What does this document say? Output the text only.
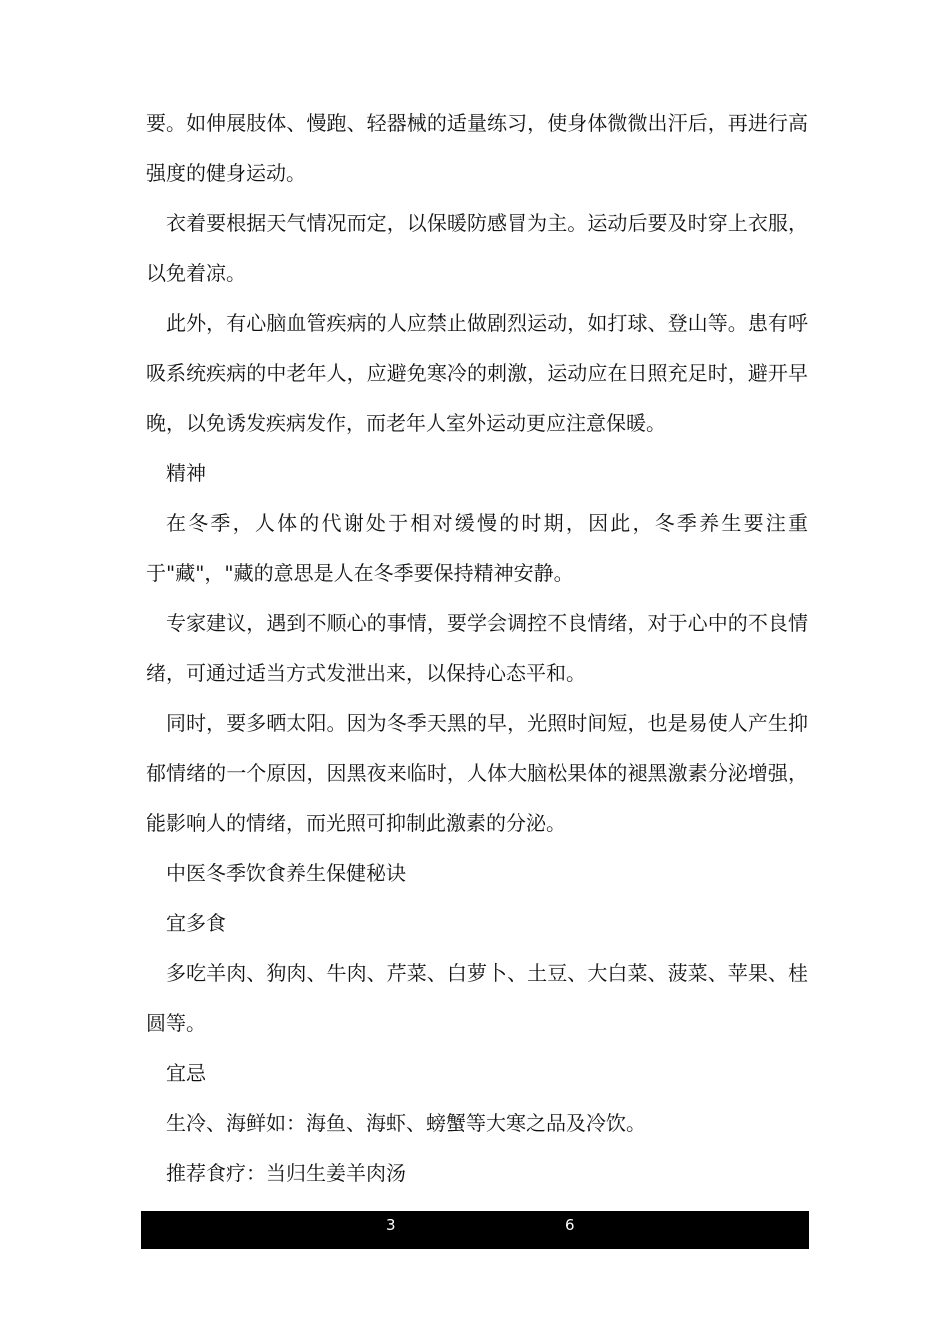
要。如伸展肢体、慢跑、轻器械的适量练习，使身体微微出汗后，再进行高强度的健身运动。

衣着要根据天气情况而定，以保暖防感冒为主。运动后要及时穿上衣服，以免着凉。

此外，有心脑血管疾病的人应禁止做剧烈运动，如打球、登山等。患有呼吸系统疾病的中老年人，应避免寒冷的刺激，运动应在日照充足时，避开早晚，以免诱发疾病发作，而老年人室外运动更应注意保暖。

精神

在冬季，人体的代谢处于相对缓慢的时期，因此，冬季养生要注重于"藏"，"藏的意思是人在冬季要保持精神安静。

专家建议，遇到不顺心的事情，要学会调控不良情绪，对于心中的不良情绪，可通过适当方式发泄出来，以保持心态平和。

同时，要多晒太阳。因为冬季天黑的早，光照时间短，也是易使人产生抑郁情绪的一个原因，因黑夜来临时，人体大脑松果体的褪黑激素分泌增强，能影响人的情绪，而光照可抑制此激素的分泌。

中医冬季饮食养生保健秘诀

宜多食

多吃羊肉、狗肉、牛肉、芹菜、白萝卜、土豆、大白菜、菠菜、苹果、桂圆等。

宜忌

生冷、海鲜如：海鱼、海虾、螃蟹等大寒之品及冷饮。

推荐食疗：当归生姜羊肉汤

3	6
